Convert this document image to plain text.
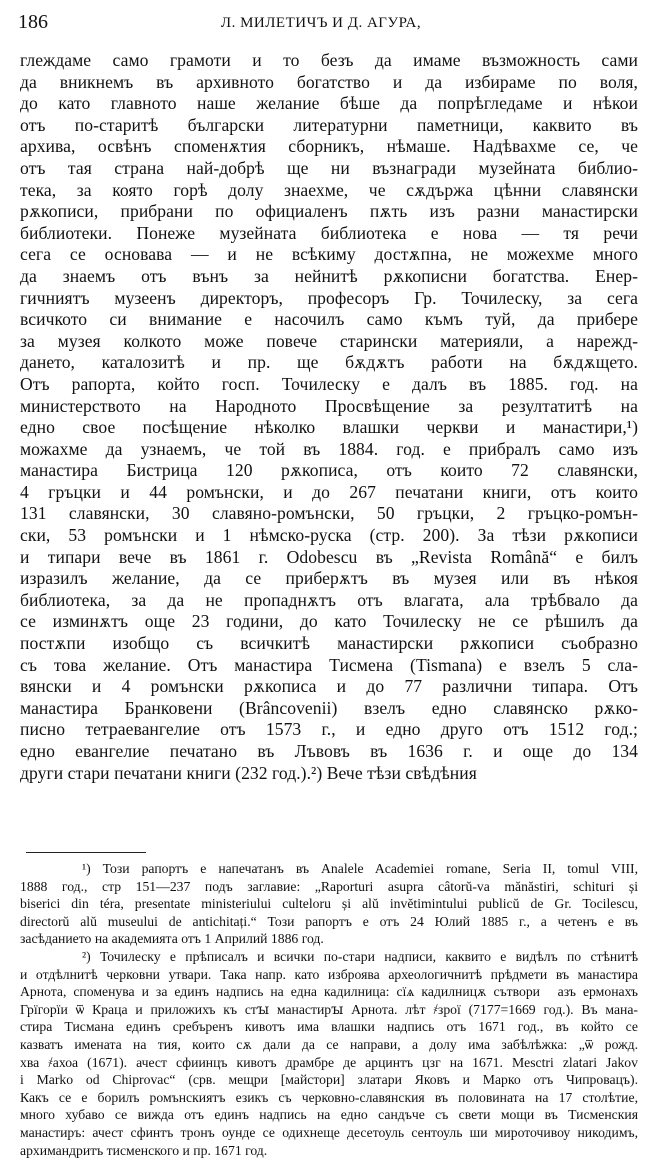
186	Л. МИЛЕТИЧЪ И Д. АГУРА,
глеждаме само грамоти и то безъ да имаме възможность сами
да вникнемъ въ архивното богатство и да избираме по воля,
до като главното наше желание бѣше да попрѣгледаме и нѣкои
отъ по-старитѣ български литературни паметници, каквито въ
архива, освѣнъ споменѫтия сборникъ, нѣмаше. Надѣвахме се, че
отъ тая страна най-добрѣ ще ни възнагради музейната библио-
тека, за която горѣ долу знаехме, че сѫдържа цѣнни славянски
рѫкописи, прибрани по официаленъ пѫть изъ разни манастирски
библиотеки. Понеже музейната библиотека е нова — тя речи
сега се основава — и не всѣкиму достѫпна, не можехме много
да знаемъ отъ вънъ за нейнитѣ рѫкописни богатства. Енер-
гичниятъ музеенъ директоръ, професоръ Гр. Точилеску, за сега
всичкото си внимание е насочилъ само къмъ туй, да прибере
за музея колкото може повече старински материяли, а нарежд-
дането, каталозитѣ и пр. ще бѫдѫтъ работи на бѫдѫщето.
Отъ рапорта, който госп. Точилеску е далъ въ 1885. год. на
министерството на Народното Просвѣщение за резултатитѣ на
едно свое посѣщение нѣколко влашки черкви и манастири,¹)
можахме да узнаемъ, че той въ 1884. год. е прибралъ само изъ
манастира Бистрица 120 рѫкописа, отъ които 72 славянски,
4 гръцки и 44 ромънски, и до 267 печатани книги, отъ които
131 славянски, 30 славяно-ромънски, 50 гръцки, 2 гръцко-ромън-
ски, 53 ромънски и 1 нѣмско-руска (стр. 200). За тѣзи рѫкописи
и типари вече въ 1861 г. Odobescu въ „Revista Română“ е билъ
изразилъ желание, да се приберѫтъ въ музея или въ нѣкоя
библиотека, за да не пропаднѫтъ отъ влагата, ала трѣбвало да
се изминѫтъ още 23 години, до като Точилеску не се рѣшилъ да
постѫпи изобщо съ всичкитѣ манастирски рѫкописи съобразно
съ това желание. Отъ манастира Тисмена (Tismana) е взелъ 5 сла-
вянски и 4 ромънски рѫкописа и до 77 различни типара. Отъ
манастира Бранковени (Brâncovenii) взелъ едно славянско рѫко-
писно тетраевангелие отъ 1573 г., и едно друго отъ 1512 год.;
едно евангелие печатано въ Лъвовъ въ 1636 г. и още до 134
други стари печатани книги (232 год.).²) Вече тѣзи свѣдѣния
¹) Този рапортъ е напечатанъ въ Analele Academiei romane, Seria II, tomul VIII,
1888 год., стр 151—237 подъ заглавие: „Raporturi asupra câtorŭ-va mănăstiri, schituri și
biserici din téra, presentate ministeriului culteloru și alŭ invĕtimintului publicŭ de Gr. Tocilescu,
directorŭ alŭ museului de antichitați.“ Този рапортъ е отъ 24 Юлий 1885 г., а четенъ е въ
засѣданието на академията отъ 1 Априлий 1886 год.
²) Точилеску е прѣписалъ и всички по-стари надписи, каквито е видѣлъ по стѣнитѣ
и отдѣлнитѣ черковни утвари. Така напр. като изброява археологичнитѣ прѣдмети въ манастира
Арнота, споменува и за единъ надпись на една кадилница: сїѧ кадилницѫ сътвориⷯ азъ ермонахъ
Грїгорїи ѿ Краца и приложихъ къ стꙑ манастирꙑ Арнота. лѣт ҂зрої (7177=1669 год.). Въ мана-
стира Тисмана единъ сребъренъ кивотъ има влашки надпись отъ 1671 год., въ който се
казватъ имената на тия, които сѫ дали да се направи, а долу има забѣлѣжка: „ѿ рожд.
хва ҂ахоа (1671). ачест сфиинцъ кивотъ драмбре де арцинтъ цзг на 1671. Mesctri zlatari Jakov
i Marko od Chiprovac“ (срв. мещри [майстори] златари Яковъ и Марко отъ Чипровацъ).
Какъ се е борилъ ромънскиятъ езикъ съ черковно-славянския въ половината на 17 столѣтие,
много хубаво се вижда отъ единъ надпись на едно сандъче съ свети мощи въ Тисменския
манастиръ: ачест сфинтъ тронъ оунде се одихнеще десетоуль сентоуль ши мироточивоу никодимъ,
архимандритъ тисменского и пр. 1671 год.
